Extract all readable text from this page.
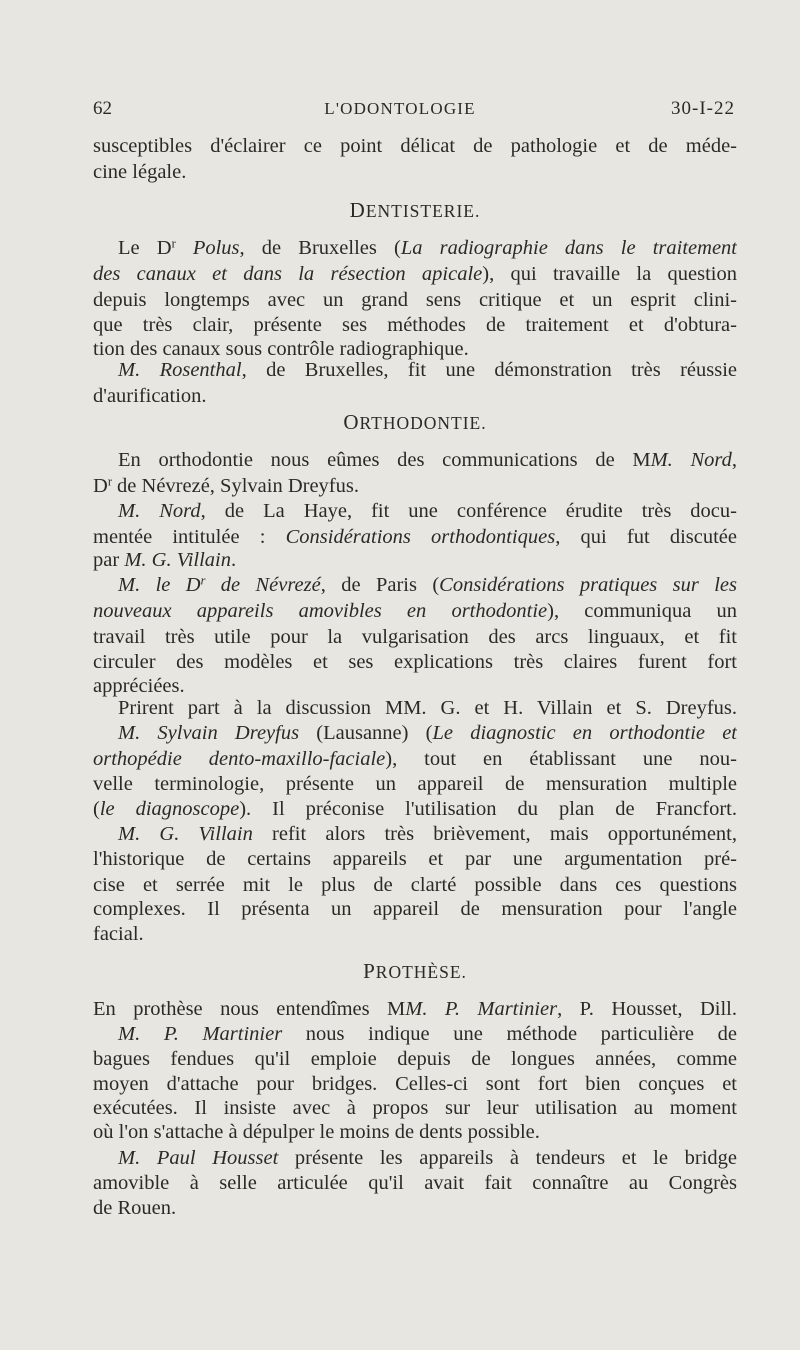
62	L'ODONTOLOGIE	30-I-22
susceptibles d'éclairer ce point délicat de pathologie et de méde-
cine légale.
DENTISTERIE.
Le $D^r$ Polus, de Bruxelles (La radiographie dans le traitement
des canaux et dans la résection apicale), qui travaille la question
depuis longtemps avec un grand sens critique et un esprit clini-
que très clair, présente ses méthodes de traitement et d'obtura-
tion des canaux sous contrôle radiographique.
M. Rosenthal, de Bruxelles, fit une démonstration très réussie
d'aurification.
ORTHODONTIE.
En orthodontie nous eûmes des communications de MM. Nord,
$D^r$ de Névrezé, Sylvain Dreyfus.
M. Nord, de La Haye, fit une conférence érudite très docu-
mentée intitulée : Considérations orthodontiques, qui fut discutée
par M. G. Villain.
M. le $D^r$ de Névrezé, de Paris (Considérations pratiques sur les
nouveaux appareils amovibles en orthodontie), communiqua un
travail très utile pour la vulgarisation des arcs linguaux, et fit
circuler des modèles et ses explications très claires furent fort
appréciées.
Prirent part à la discussion MM. G. et H. Villain et S. Dreyfus.
M. Sylvain Dreyfus (Lausanne) (Le diagnostic en orthodontie et
orthopédie dento-maxillo-faciale), tout en établissant une nou-
velle terminologie, présente un appareil de mensuration multiple
(le diagnoscope). Il préconise l'utilisation du plan de Francfort.
M. G. Villain refit alors très brièvement, mais opportunément,
l'historique de certains appareils et par une argumentation pré-
cise et serrée mit le plus de clarté possible dans ces questions
complexes. Il présenta un appareil de mensuration pour l'angle
facial.
PROTHÈSE.
En prothèse nous entendîmes MM. P. Martinier, P. Housset, Dill.
M. P. Martinier nous indique une méthode particulière de
bagues fendues qu'il emploie depuis de longues années, comme
moyen d'attache pour bridges. Celles-ci sont fort bien conçues et
exécutées. Il insiste avec à propos sur leur utilisation au moment
où l'on s'attache à dépulper le moins de dents possible.
M. Paul Housset présente les appareils à tendeurs et le bridge
amovible à selle articulée qu'il avait fait connaître au Congrès
de Rouen.
